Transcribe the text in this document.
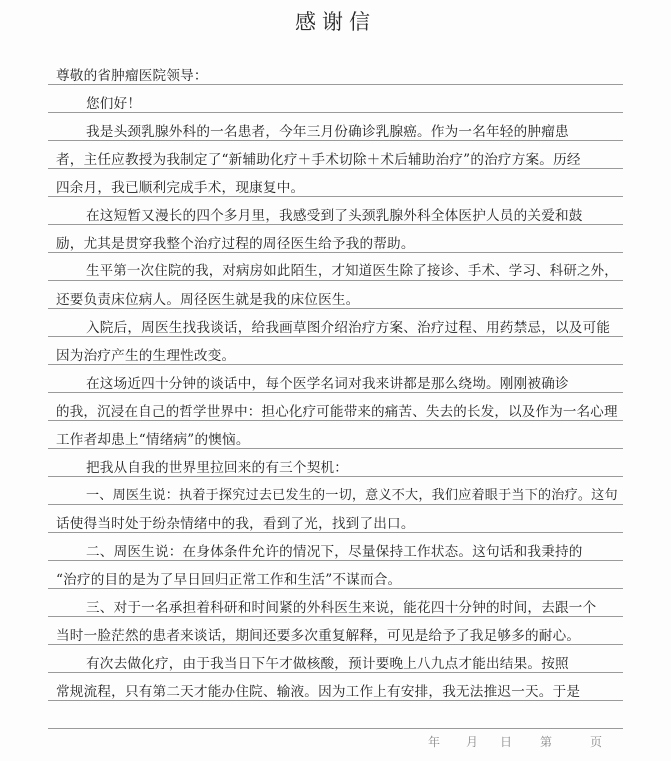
感谢信
尊敬的省肿瘤医院领导：
您们好！
我是头颈乳腺外科的一名患者，今年三月份确诊乳腺癌。作为一名年轻的肿瘤患
者，主任应教授为我制定了“新辅助化疗＋手术切除＋术后辅助治疗”的治疗方案。历经
四余月，我已顺利完成手术，现康复中。
在这短暂又漫长的四个多月里，我感受到了头颈乳腺外科全体医护人员的关爱和鼓
励，尤其是贯穿我整个治疗过程的周径医生给予我的帮助。
生平第一次住院的我，对病房如此陌生，才知道医生除了接诊、手术、学习、科研之外，
还要负责床位病人。周径医生就是我的床位医生。
入院后，周医生找我谈话，给我画草图介绍治疗方案、治疗过程、用药禁忌，以及可能
因为治疗产生的生理性改变。
在这场近四十分钟的谈话中，每个医学名词对我来讲都是那么绕坳。刚刚被确诊
的我，沉浸在自己的哲学世界中：担心化疗可能带来的痛苦、失去的长发，以及作为一名心理
工作者却患上“情绪病”的懊恼。
把我从自我的世界里拉回来的有三个契机：
一、周医生说：执着于探究过去已发生的一切，意义不大，我们应着眼于当下的治疗。这句
话使得当时处于纷杂情绪中的我，看到了光，找到了出口。
二、周医生说：在身体条件允许的情况下，尽量保持工作状态。这句话和我秉持的
“治疗的目的是为了早日回归正常工作和生活”不谋而合。
三、对于一名承担着科研和时间紧的外科医生来说，能花四十分钟的时间，去跟一个
当时一脸茫然的患者来谈话，期间还要多次重复解释，可见是给予了我足够多的耐心。
有次去做化疗，由于我当日下午才做核酸，预计要晚上八九点才能出结果。按照
常规流程，只有第二天才能办住院、输液。因为工作上有安排，我无法推迟一天。于是
年 月 日 第	页
